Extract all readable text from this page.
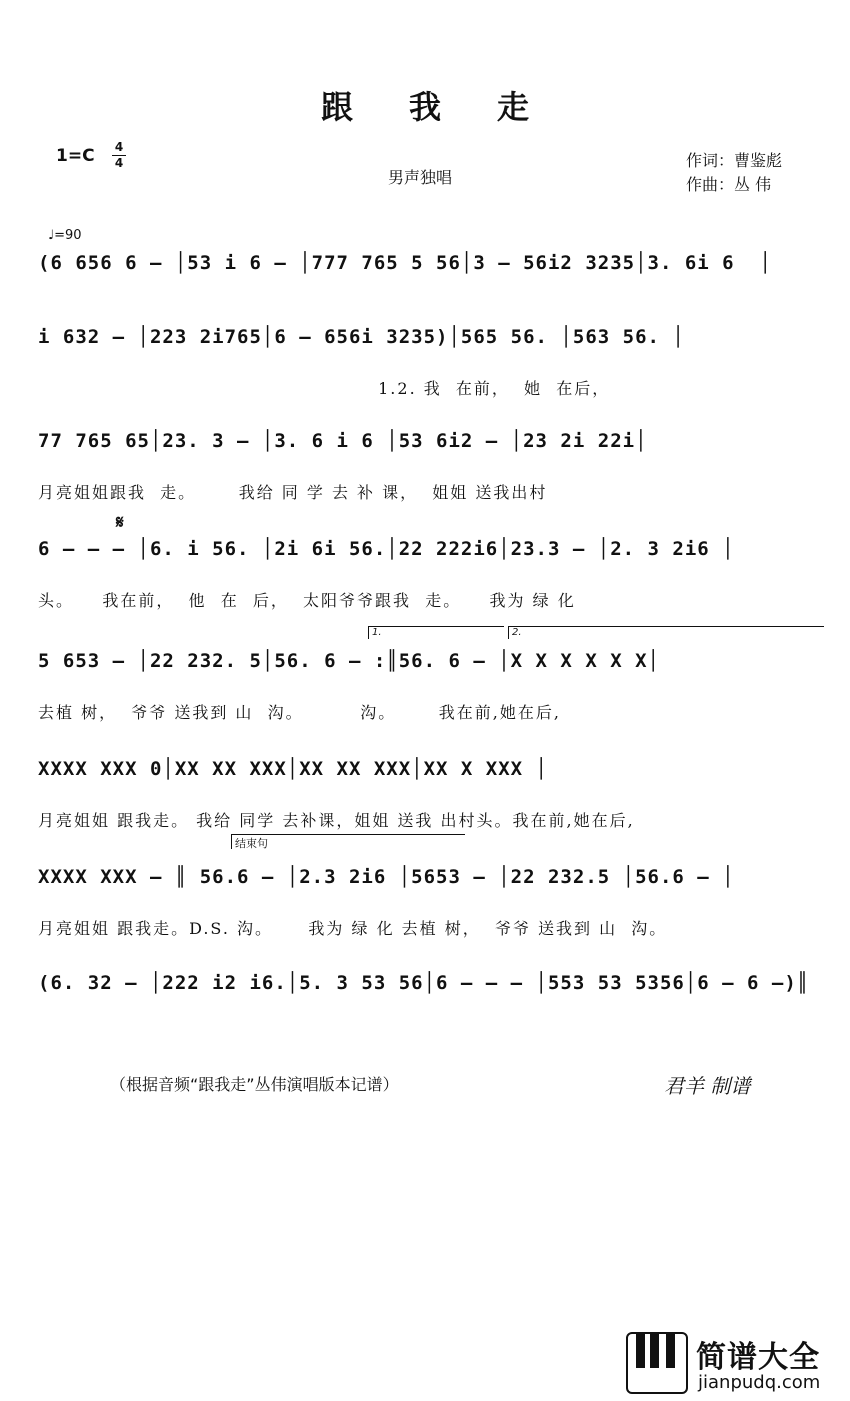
跟我走
1=C 4
4
男声独唱
作词：曹鉴彪
作曲：丛 伟
♩=90
(6 656 6 – │53 i 6 – │777 765 5 56│3 – 56i2 3235│3. 6i 6  │
i 632 – │223 2i765│6 – 656i 3235)│565 56. │563 56. │
1.2. 我  在前，  她  在后，
77 765 65│23. 3 – │3. 6 i 6 │53 6i2 – │23 2i 22i│
月亮姐姐跟我  走。      我给 同 学 去 补 课，  姐姐 送我出村
𝄋
6 – – – │6. i 56. │2i 6i 56.│22 222i6│23.3 – │2. 3 2i6 │
头。    我在前，  他  在  后，  太阳爷爷跟我  走。    我为 绿 化
1.	2.
5 653 – │22 232. 5│56. 6 – :║56. 6 – │X X X X X X│
去植 树，  爷爷 送我到 山  沟。        沟。      我在前,她在后,
XXXX XXX 0│XX XX XXX│XX XX XXX│XX X XXX │
月亮姐姐 跟我走。 我给 同学 去补课，姐姐 送我 出村头。我在前,她在后,
结束句
XXXX XXX – ║ 56.6 – │2.3 2i6 │5653 – │22 232.5 │56.6 – │
月亮姐姐 跟我走。D.S. 沟。     我为 绿 化 去植 树，  爷爷 送我到 山  沟。
(6. 32 – │222 i2 i6.│5. 3 53 56│6 – – – │553 53 5356│6 – 6 –)║
（根据音频“跟我走”丛伟演唱版本记谱）	君羊 制谱
简谱大全
jianpudq.com
